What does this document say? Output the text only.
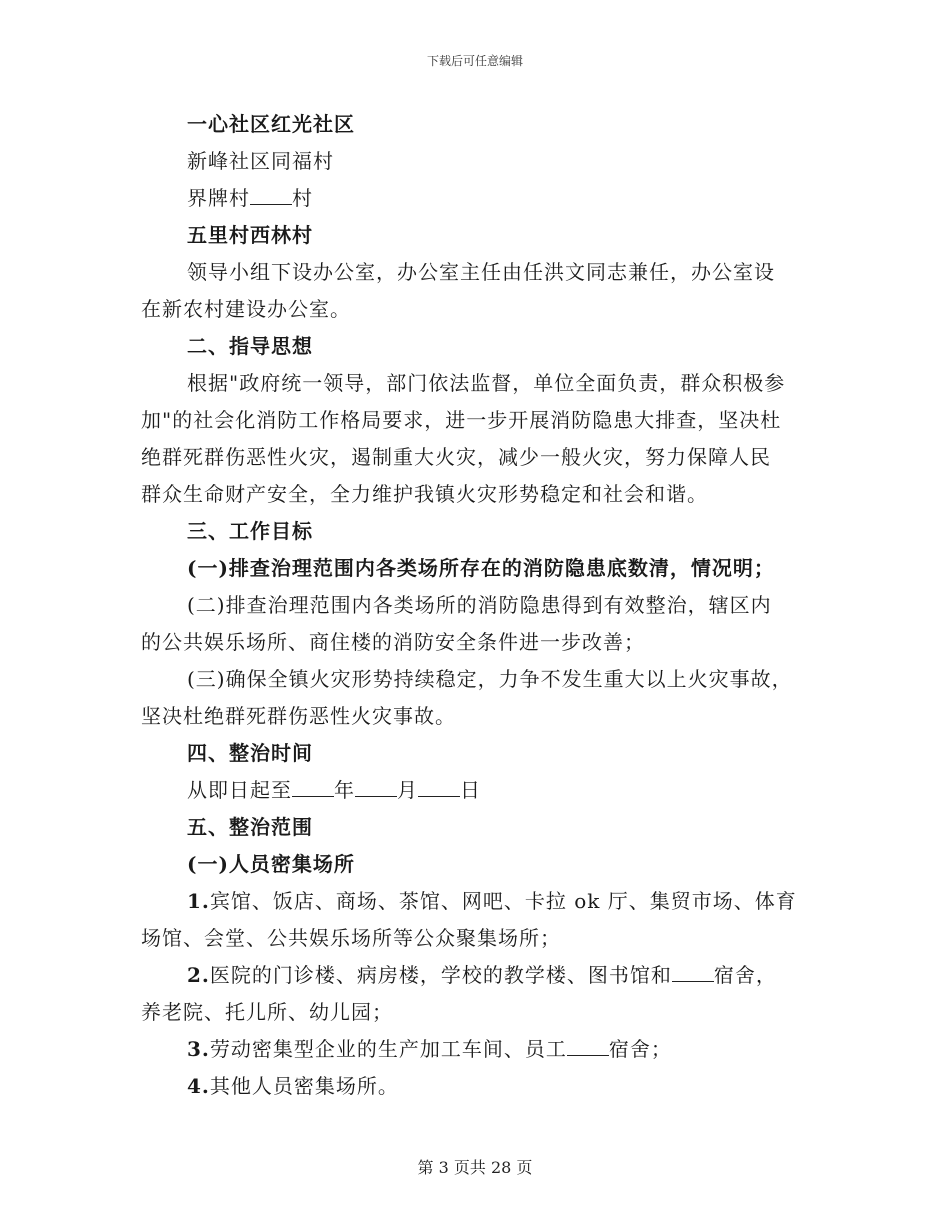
下载后可任意编辑
一心社区红光社区
新峰社区同福村
界牌村 村
五里村西林村
领导小组下设办公室，办公室主任由任洪文同志兼任，办公室设
在新农村建设办公室。
二、指导思想
根据"政府统一领导，部门依法监督，单位全面负责，群众积极参
加"的社会化消防工作格局要求，进一步开展消防隐患大排查，坚决杜
绝群死群伤恶性火灾，遏制重大火灾，减少一般火灾，努力保障人民
群众生命财产安全，全力维护我镇火灾形势稳定和社会和谐。
三、工作目标
(一)排查治理范围内各类场所存在的消防隐患底数清，情况明；
(二)排查治理范围内各类场所的消防隐患得到有效整治，辖区内
的公共娱乐场所、商住楼的消防安全条件进一步改善；
(三)确保全镇火灾形势持续稳定，力争不发生重大以上火灾事故，
坚决杜绝群死群伤恶性火灾事故。
四、整治时间
从即日起至 年 月 日
五、整治范围
(一)人员密集场所
1.宾馆、饭店、商场、茶馆、网吧、卡拉 ok 厅、集贸市场、体育
场馆、会堂、公共娱乐场所等公众聚集场所；
2.医院的门诊楼、病房楼，学校的教学楼、图书馆和 宿舍，
养老院、托儿所、幼儿园；
3.劳动密集型企业的生产加工车间、员工 宿舍；
4.其他人员密集场所。
第 3 页共 28 页
